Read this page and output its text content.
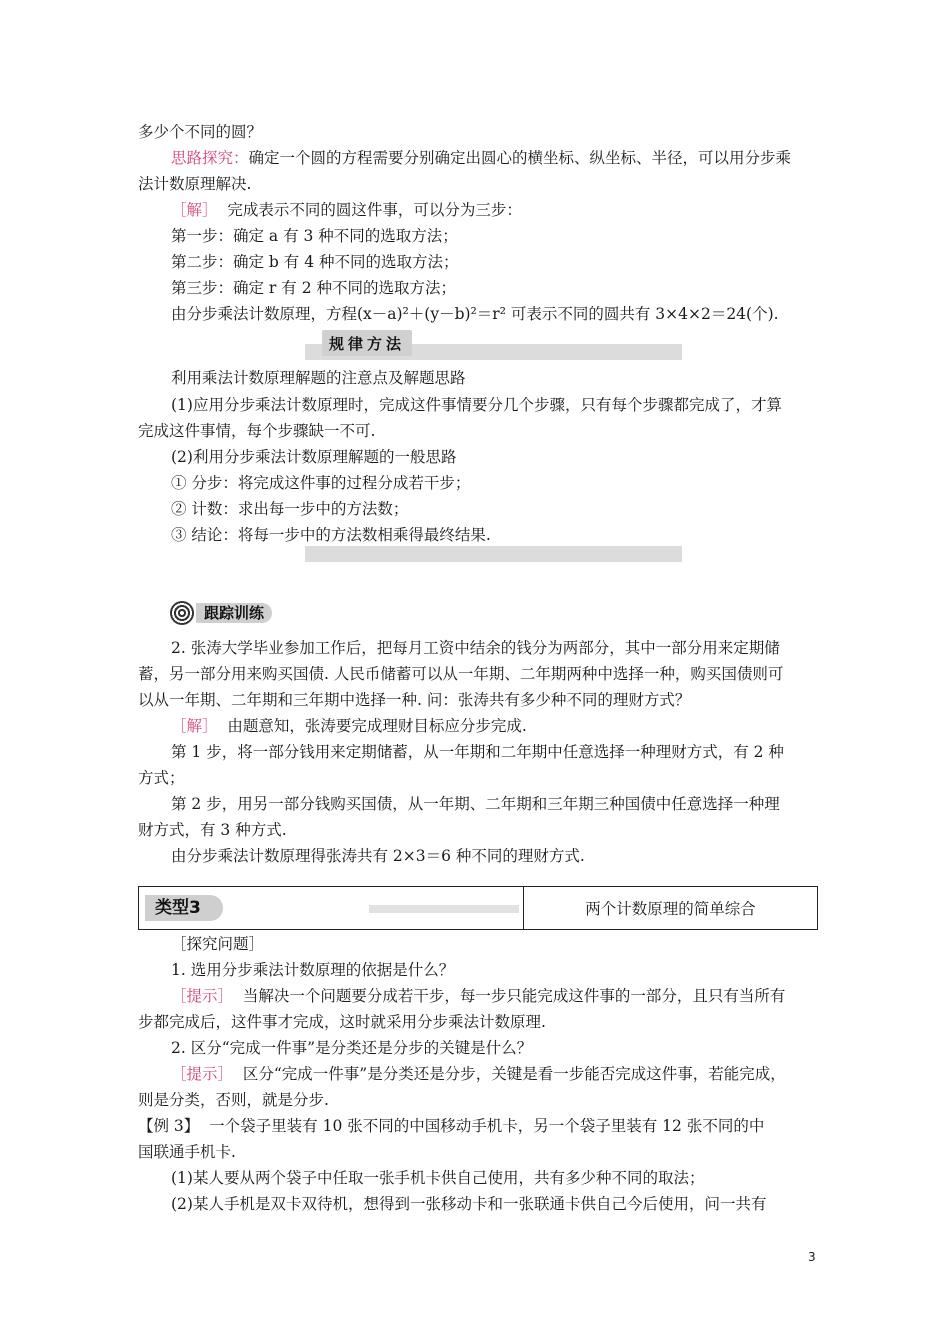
多少个不同的圆？
思路探究：确定一个圆的方程需要分别确定出圆心的横坐标、纵坐标、半径，可以用分步乘
法计数原理解决.
［解］ 完成表示不同的圆这件事，可以分为三步：
第一步：确定 a 有 3 种不同的选取方法；
第二步：确定 b 有 4 种不同的选取方法；
第三步：确定 r 有 2 种不同的选取方法；
由分步乘法计数原理，方程(x－a)²＋(y－b)²＝r² 可表示不同的圆共有 3×4×2＝24(个).
规律方法
利用乘法计数原理解题的注意点及解题思路
(1)应用分步乘法计数原理时，完成这件事情要分几个步骤，只有每个步骤都完成了，才算
完成这件事情，每个步骤缺一不可.
(2)利用分步乘法计数原理解题的一般思路
① 分步：将完成这件事的过程分成若干步；
② 计数：求出每一步中的方法数；
③ 结论：将每一步中的方法数相乘得最终结果.
跟踪训练
2. 张涛大学毕业参加工作后，把每月工资中结余的钱分为两部分，其中一部分用来定期储
蓄，另一部分用来购买国债. 人民币储蓄可以从一年期、二年期两种中选择一种，购买国债则可
以从一年期、二年期和三年期中选择一种. 问：张涛共有多少种不同的理财方式？
［解］ 由题意知，张涛要完成理财目标应分步完成.
第 1 步，将一部分钱用来定期储蓄，从一年期和二年期中任意选择一种理财方式，有 2 种
方式；
第 2 步，用另一部分钱购买国债，从一年期、二年期和三年期三种国债中任意选择一种理
财方式，有 3 种方式.
由分步乘法计数原理得张涛共有 2×3＝6 种不同的理财方式.
类型3	两个计数原理的简单综合
［探究问题］
1. 选用分步乘法计数原理的依据是什么？
［提示］ 当解决一个问题要分成若干步，每一步只能完成这件事的一部分，且只有当所有
步都完成后，这件事才完成，这时就采用分步乘法计数原理.
2. 区分“完成一件事”是分类还是分步的关键是什么？
［提示］ 区分“完成一件事”是分类还是分步，关键是看一步能否完成这件事，若能完成，
则是分类，否则，就是分步.
【例 3】 一个袋子里装有 10 张不同的中国移动手机卡，另一个袋子里装有 12 张不同的中
国联通手机卡.
(1)某人要从两个袋子中任取一张手机卡供自己使用，共有多少种不同的取法；
(2)某人手机是双卡双待机，想得到一张移动卡和一张联通卡供自己今后使用，问一共有
3
